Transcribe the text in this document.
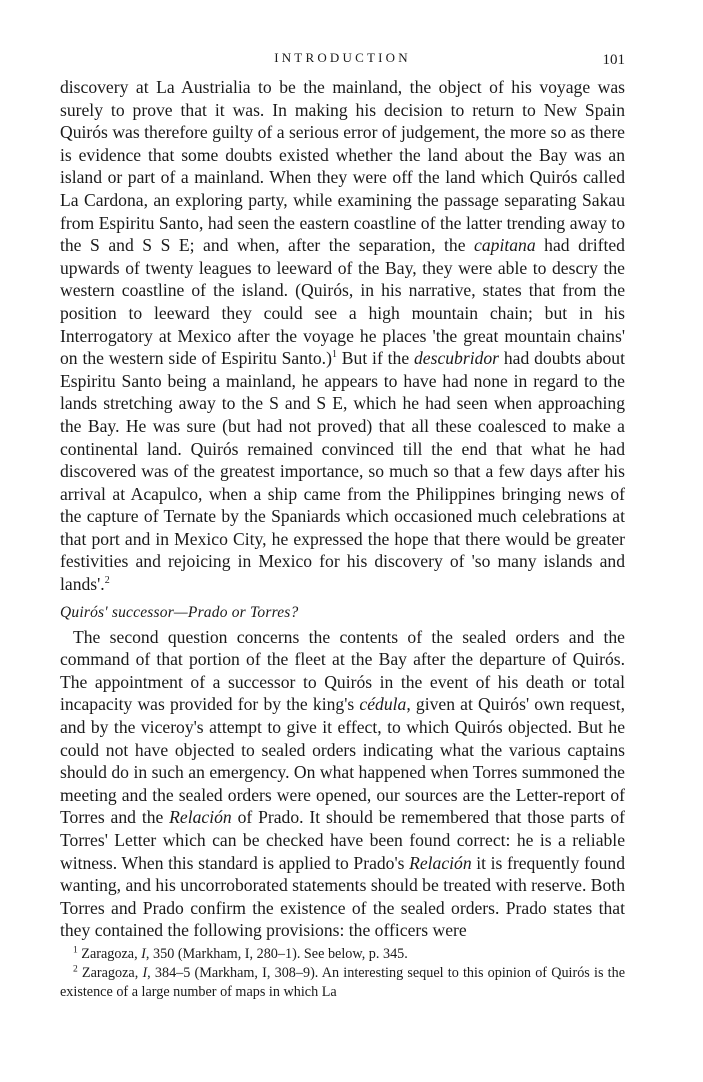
INTRODUCTION	101

discovery at La Austrialia to be the mainland, the object of his voyage was surely to prove that it was. In making his decision to return to New Spain Quirós was therefore guilty of a serious error of judgement, the more so as there is evidence that some doubts existed whether the land about the Bay was an island or part of a mainland. When they were off the land which Quirós called La Cardona, an exploring party, while examining the passage separating Sakau from Espiritu Santo, had seen the eastern coastline of the latter trending away to the S and S S E; and when, after the separation, the capitana had drifted upwards of twenty leagues to leeward of the Bay, they were able to descry the western coastline of the island. (Quirós, in his narrative, states that from the position to leeward they could see a high mountain chain; but in his Interrogatory at Mexico after the voyage he places 'the great mountain chains' on the western side of Espiritu Santo.)$^1$ But if the descubridor had doubts about Espiritu Santo being a mainland, he appears to have had none in regard to the lands stretching away to the S and S E, which he had seen when approaching the Bay. He was sure (but had not proved) that all these coalesced to make a continental land. Quirós remained convinced till the end that what he had discovered was of the greatest importance, so much so that a few days after his arrival at Acapulco, when a ship came from the Philippines bringing news of the capture of Ternate by the Spaniards which occasioned much celebrations at that port and in Mexico City, he expressed the hope that there would be greater festivities and rejoicing in Mexico for his discovery of 'so many islands and lands'.$^2$

Quirós' successor—Prado or Torres?

The second question concerns the contents of the sealed orders and the command of that portion of the fleet at the Bay after the departure of Quirós. The appointment of a successor to Quirós in the event of his death or total incapacity was provided for by the king's cédula, given at Quirós' own request, and by the viceroy's attempt to give it effect, to which Quirós objected. But he could not have objected to sealed orders indicating what the various captains should do in such an emergency. On what happened when Torres summoned the meeting and the sealed orders were opened, our sources are the Letter-report of Torres and the Relación of Prado. It should be remembered that those parts of Torres' Letter which can be checked have been found correct: he is a reliable witness. When this standard is applied to Prado's Relación it is frequently found wanting, and his uncorroborated statements should be treated with reserve. Both Torres and Prado confirm the existence of the sealed orders. Prado states that they contained the following provisions: the officers were

$^1$ Zaragoza, I, 350 (Markham, I, 280–1). See below, p. 345.

$^2$ Zaragoza, I, 384–5 (Markham, I, 308–9). An interesting sequel to this opinion of Quirós is the existence of a large number of maps in which La
